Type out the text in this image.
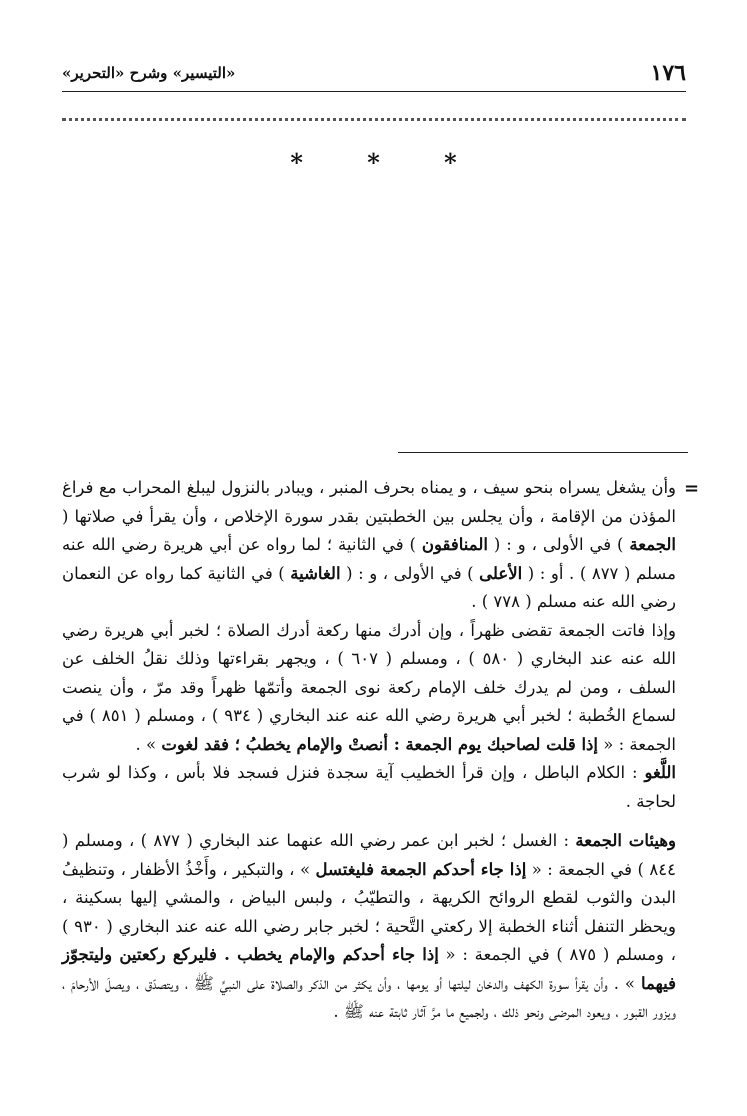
١٧٦
«التيسير» وشرح «التحرير»
* * *
=

وأن يشغل يسراه بنحو سيف ، و يمناه بحرف المنبر ، ويبادر بالنزول ليبلغ المحراب مع فراغ المؤذن من الإقامة ، وأن يجلس بين الخطبتين بقدر سورة الإخلاص ، وأن يقرأ في صلاتها ( الجمعة ) في الأولى ، و : ( المنافقون ) في الثانية ؛ لما رواه عن أبي هريرة رضي الله عنه مسلم ( ٨٧٧ ) . أو : ( الأعلى ) في الأولى ، و : ( الغاشية ) في الثانية كما رواه عن النعمان رضي الله عنه مسلم ( ٧٧٨ ) .

وإذا فاتت الجمعة تقضى ظهراً ، وإن أدرك منها ركعة أدرك الصلاة ؛ لخبر أبي هريرة رضي الله عنه عند البخاري ( ٥٨٠ ) ، ومسلم ( ٦٠٧ ) ، ويجهر بقراءتها وذلك نقلُ الخلف عن السلف ، ومن لم يدرك خلف الإمام ركعة نوى الجمعة وأتمّها ظهراً وقد مرّ ، وأن ينصت لسماع الخُطبة ؛ لخبر أبي هريرة رضي الله عنه عند البخاري ( ٩٣٤ ) ، ومسلم ( ٨٥١ ) في الجمعة : « إذا قلت لصاحبك يوم الجمعة : أنصتْ والإمام يخطبُ ؛ فقد لغوت » .

اللَّغو : الكلام الباطل ، وإن قرأ الخطيب آية سجدة فنزل فسجد فلا بأس ، وكذا لو شرب لحاجة .

وهيئات الجمعة : الغسل ؛ لخبر ابن عمر رضي الله عنهما عند البخاري ( ٨٧٧ ) ، ومسلم ( ٨٤٤ ) في الجمعة : « إذا جاء أحدكم الجمعة فليغتسل » ، والتبكير ، وأَخْذُ الأظفار ، وتنظيفُ البدن والثوب لقطع الروائح الكريهة ، والتطيّبُ ، ولبس البياض ، والمشي إليها بسكينة ، ويحظر التنفل أثناء الخطبة إلا ركعتي التَّحية ؛ لخبر جابر رضي الله عنه عند البخاري ( ٩٣٠ ) ، ومسلم ( ٨٧٥ ) في الجمعة : « إذا جاء أحدكم والإمام يخطب . فليركع ركعتين وليتجوّز فيهما » . وأن يقرأ سورة الكهف والدخان ليلتها أو يومها ، وأن يكثر من الذكر والصلاة على النبيِّ ﷺ ، ويتصدّق ، ويصلَ الأرحامَ ، ويزور القبور ، ويعود المرضى ونحو ذلك ، ولجميع ما مرَّ آثار ثابتة عنه ﷺ .
